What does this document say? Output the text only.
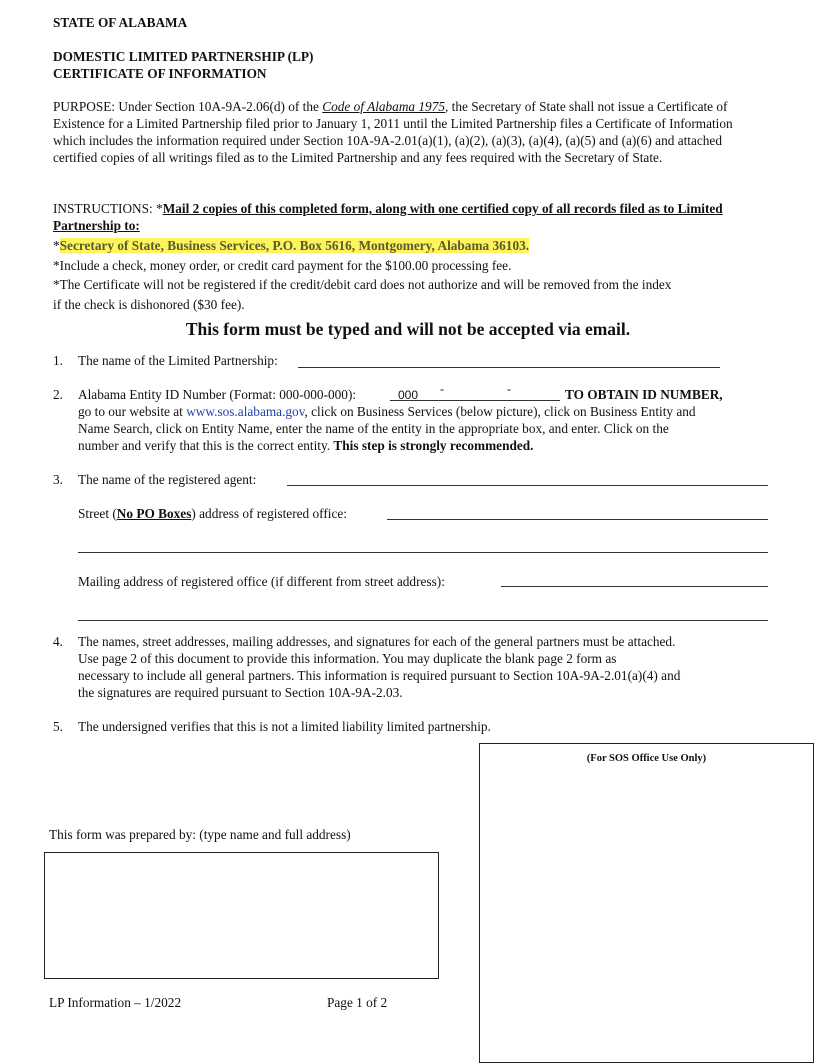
STATE OF ALABAMA
DOMESTIC LIMITED PARTNERSHIP (LP)
CERTIFICATE OF INFORMATION
PURPOSE: Under Section 10A-9A-2.06(d) of the Code of Alabama 1975, the Secretary of State shall not issue a Certificate of Existence for a Limited Partnership filed prior to January 1, 2011 until the Limited Partnership files a Certificate of Information which includes the information required under Section 10A-9A-2.01(a)(1), (a)(2), (a)(3), (a)(4), (a)(5) and (a)(6) and attached certified copies of all writings filed as to the Limited Partnership and any fees required with the Secretary of State.
INSTRUCTIONS: *Mail 2 copies of this completed form, along with one certified copy of all records filed as to Limited Partnership to:
*Secretary of State, Business Services, P.O. Box 5616, Montgomery, Alabama 36103.
*Include a check, money order, or credit card payment for the $100.00 processing fee.
*The Certificate will not be registered if the credit/debit card does not authorize and will be removed from the index
if the check is dishonored ($30 fee).
This form must be typed and will not be accepted via email.
1. The name of the Limited Partnership:
2. Alabama Entity ID Number (Format: 000-000-000):	000 -	-	TO OBTAIN ID NUMBER,
go to our website at www.sos.alabama.gov, click on Business Services (below picture), click on Business Entity and
Name Search, click on Entity Name, enter the name of the entity in the appropriate box, and enter. Click on the
number and verify that this is the correct entity. This step is strongly recommended.
3. The name of the registered agent:
Street (No PO Boxes) address of registered office:
Mailing address of registered office (if different from street address):
4. The names, street addresses, mailing addresses, and signatures for each of the general partners must be attached.
Use page 2 of this document to provide this information. You may duplicate the blank page 2 form as
necessary to include all general partners. This information is required pursuant to Section 10A-9A-2.01(a)(4) and
the signatures are required pursuant to Section 10A-9A-2.03.
5. The undersigned verifies that this is not a limited liability limited partnership.
(For SOS Office Use Only)
This form was prepared by: (type name and full address)
LP Information – 1/2022	Page 1 of 2
